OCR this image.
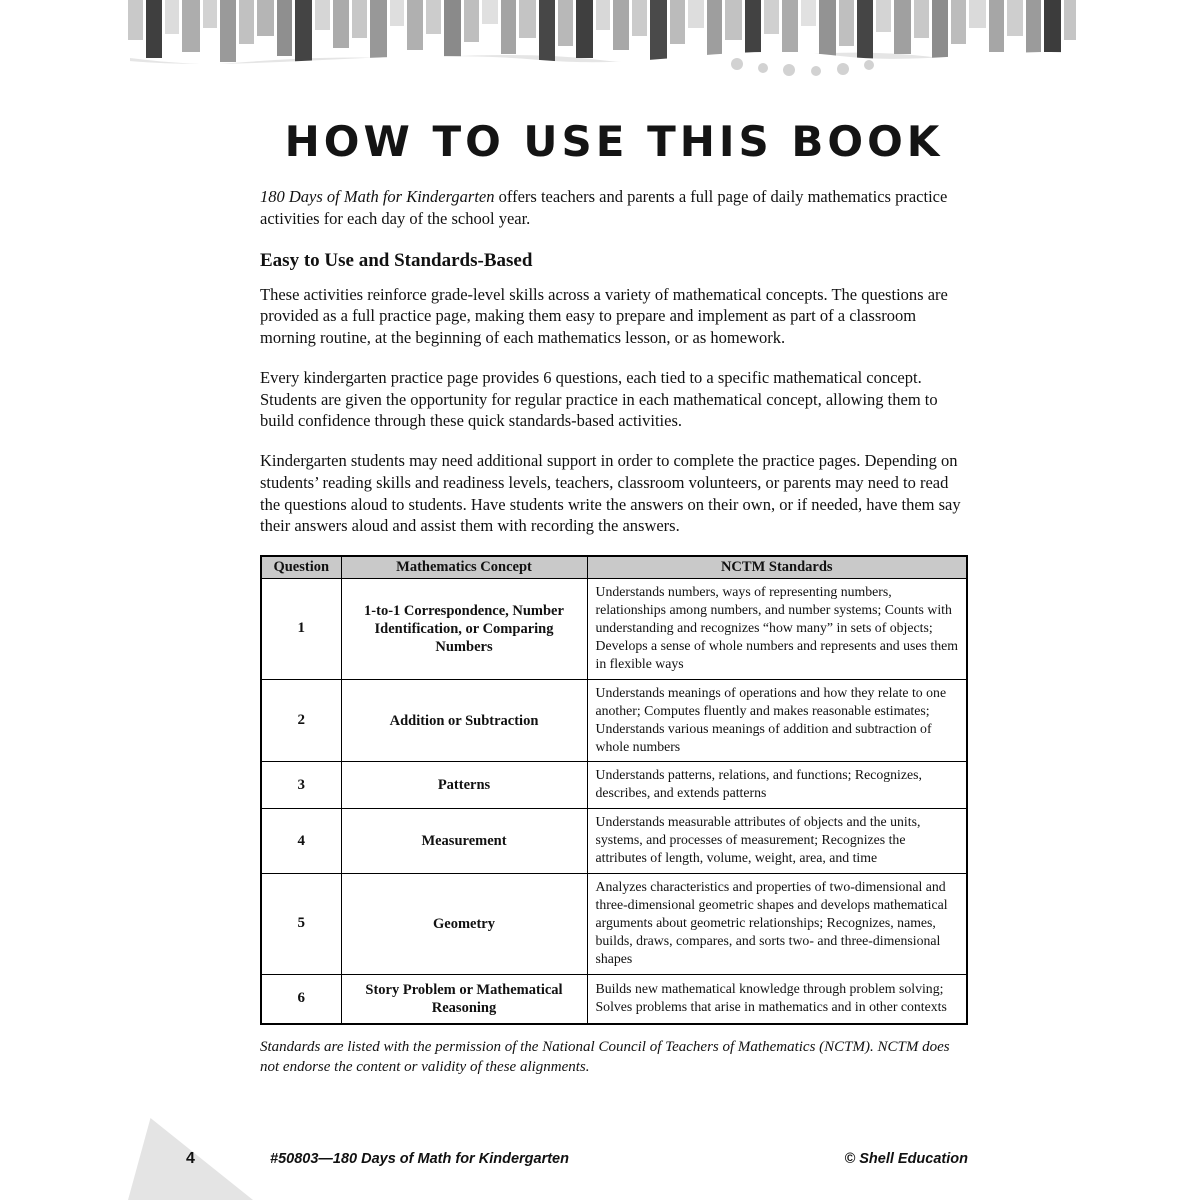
HOW TO USE THIS BOOK

180 Days of Math for Kindergarten offers teachers and parents a full page of daily mathematics practice activities for each day of the school year.

Easy to Use and Standards-Based

These activities reinforce grade-level skills across a variety of mathematical concepts. The questions are provided as a full practice page, making them easy to prepare and implement as part of a classroom morning routine, at the beginning of each mathematics lesson, or as homework.

Every kindergarten practice page provides 6 questions, each tied to a specific mathematical concept. Students are given the opportunity for regular practice in each mathematical concept, allowing them to build confidence through these quick standards-based activities.

Kindergarten students may need additional support in order to complete the practice pages. Depending on students’ reading skills and readiness levels, teachers, classroom volunteers, or parents may need to read the questions aloud to students. Have students write the answers on their own, or if needed, have them say their answers aloud and assist them with recording the answers.

Question	Mathematics Concept	NCTM Standards
1	1-to-1 Correspondence, Number Identification, or Comparing Numbers	Understands numbers, ways of representing numbers, relationships among numbers, and number systems; Counts with understanding and recognizes “how many” in sets of objects; Develops a sense of whole numbers and represents and uses them in flexible ways
2	Addition or Subtraction	Understands meanings of operations and how they relate to one another; Computes fluently and makes reasonable estimates; Understands various meanings of addition and subtraction of whole numbers
3	Patterns	Understands patterns, relations, and functions; Recognizes, describes, and extends patterns
4	Measurement	Understands measurable attributes of objects and the units, systems, and processes of measurement; Recognizes the attributes of length, volume, weight, area, and time
5	Geometry	Analyzes characteristics and properties of two-dimensional and three-dimensional geometric shapes and develops mathematical arguments about geometric relationships; Recognizes, names, builds, draws, compares, and sorts two- and three-dimensional shapes
6	Story Problem or Mathematical Reasoning	Builds new mathematical knowledge through problem solving; Solves problems that arise in mathematics and in other contexts

Standards are listed with the permission of the National Council of Teachers of Mathematics (NCTM). NCTM does not endorse the content or validity of these alignments.

4	#50803—180 Days of Math for Kindergarten	© Shell Education
